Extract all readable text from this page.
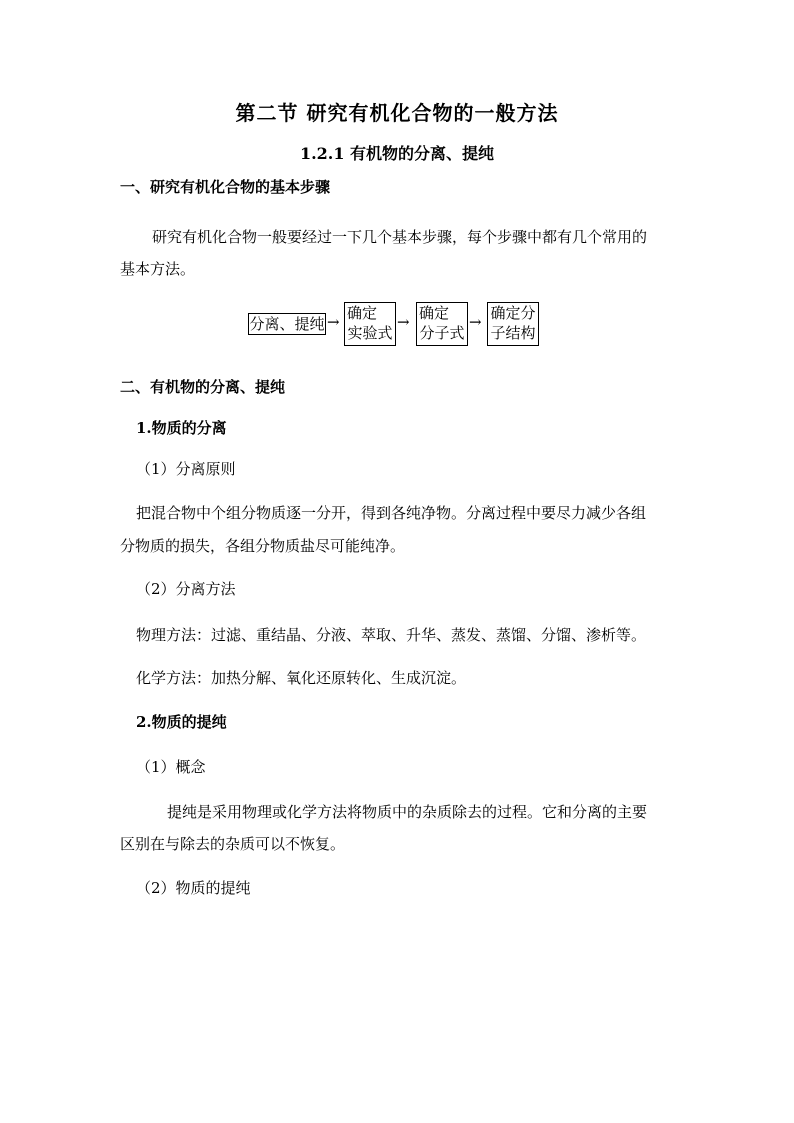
第二节 研究有机化合物的一般方法
1.2.1 有机物的分离、提纯
一、研究有机化合物的基本步骤
研究有机化合物一般要经过一下几个基本步骤，每个步骤中都有几个常用的
基本方法。
分离、提纯 → 确定
实验式
→ 确定
分子式
→ 确定分
子结构
二、有机物的分离、提纯
1.物质的分离
（1）分离原则
把混合物中个组分物质逐一分开，得到各纯净物。分离过程中要尽力减少各组
分物质的损失，各组分物质盐尽可能纯净。
（2）分离方法
物理方法：过滤、重结晶、分液、萃取、升华、蒸发、蒸馏、分馏、渗析等。
化学方法：加热分解、氧化还原转化、生成沉淀。
2.物质的提纯
（1）概念
提纯是采用物理或化学方法将物质中的杂质除去的过程。它和分离的主要
区别在与除去的杂质可以不恢复。
（2）物质的提纯
